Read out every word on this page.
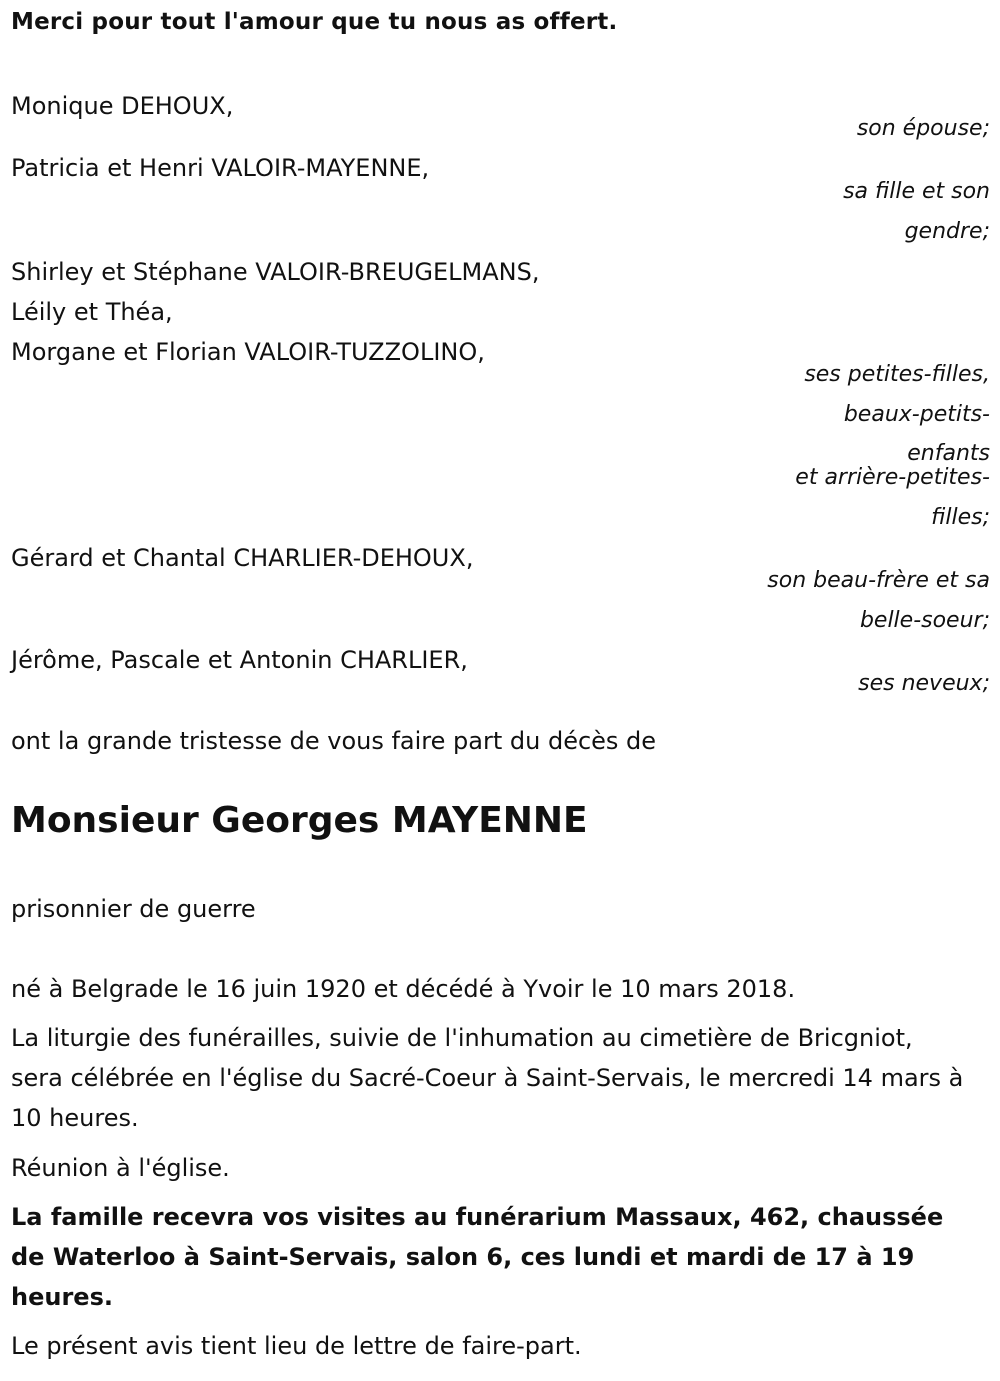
Merci pour tout l'amour que tu nous as offert.
Monique DEHOUX,
son épouse;
Patricia et Henri VALOIR-MAYENNE,
sa fille et son
gendre;
Shirley et Stéphane VALOIR-BREUGELMANS,
Léily et Théa,
Morgane et Florian VALOIR-TUZZOLINO,
ses petites-filles,
beaux-petits-
enfants
et arrière-petites-
filles;
Gérard et Chantal CHARLIER-DEHOUX,
son beau-frère et sa
belle-soeur;
Jérôme, Pascale et Antonin CHARLIER,
ses neveux;
ont la grande tristesse de vous faire part du décès de
Monsieur Georges MAYENNE
prisonnier de guerre
né à Belgrade le 16 juin 1920 et décédé à Yvoir le 10 mars 2018.
La liturgie des funérailles, suivie de l'inhumation au cimetière de Bricgniot, sera célébrée en l'église du Sacré-Coeur à Saint-Servais, le mercredi 14 mars à 10 heures.
Réunion à l'église.
La famille recevra vos visites au funérarium Massaux, 462, chaussée de Waterloo à Saint-Servais, salon 6, ces lundi et mardi de 17 à 19 heures.
Le présent avis tient lieu de lettre de faire-part.
